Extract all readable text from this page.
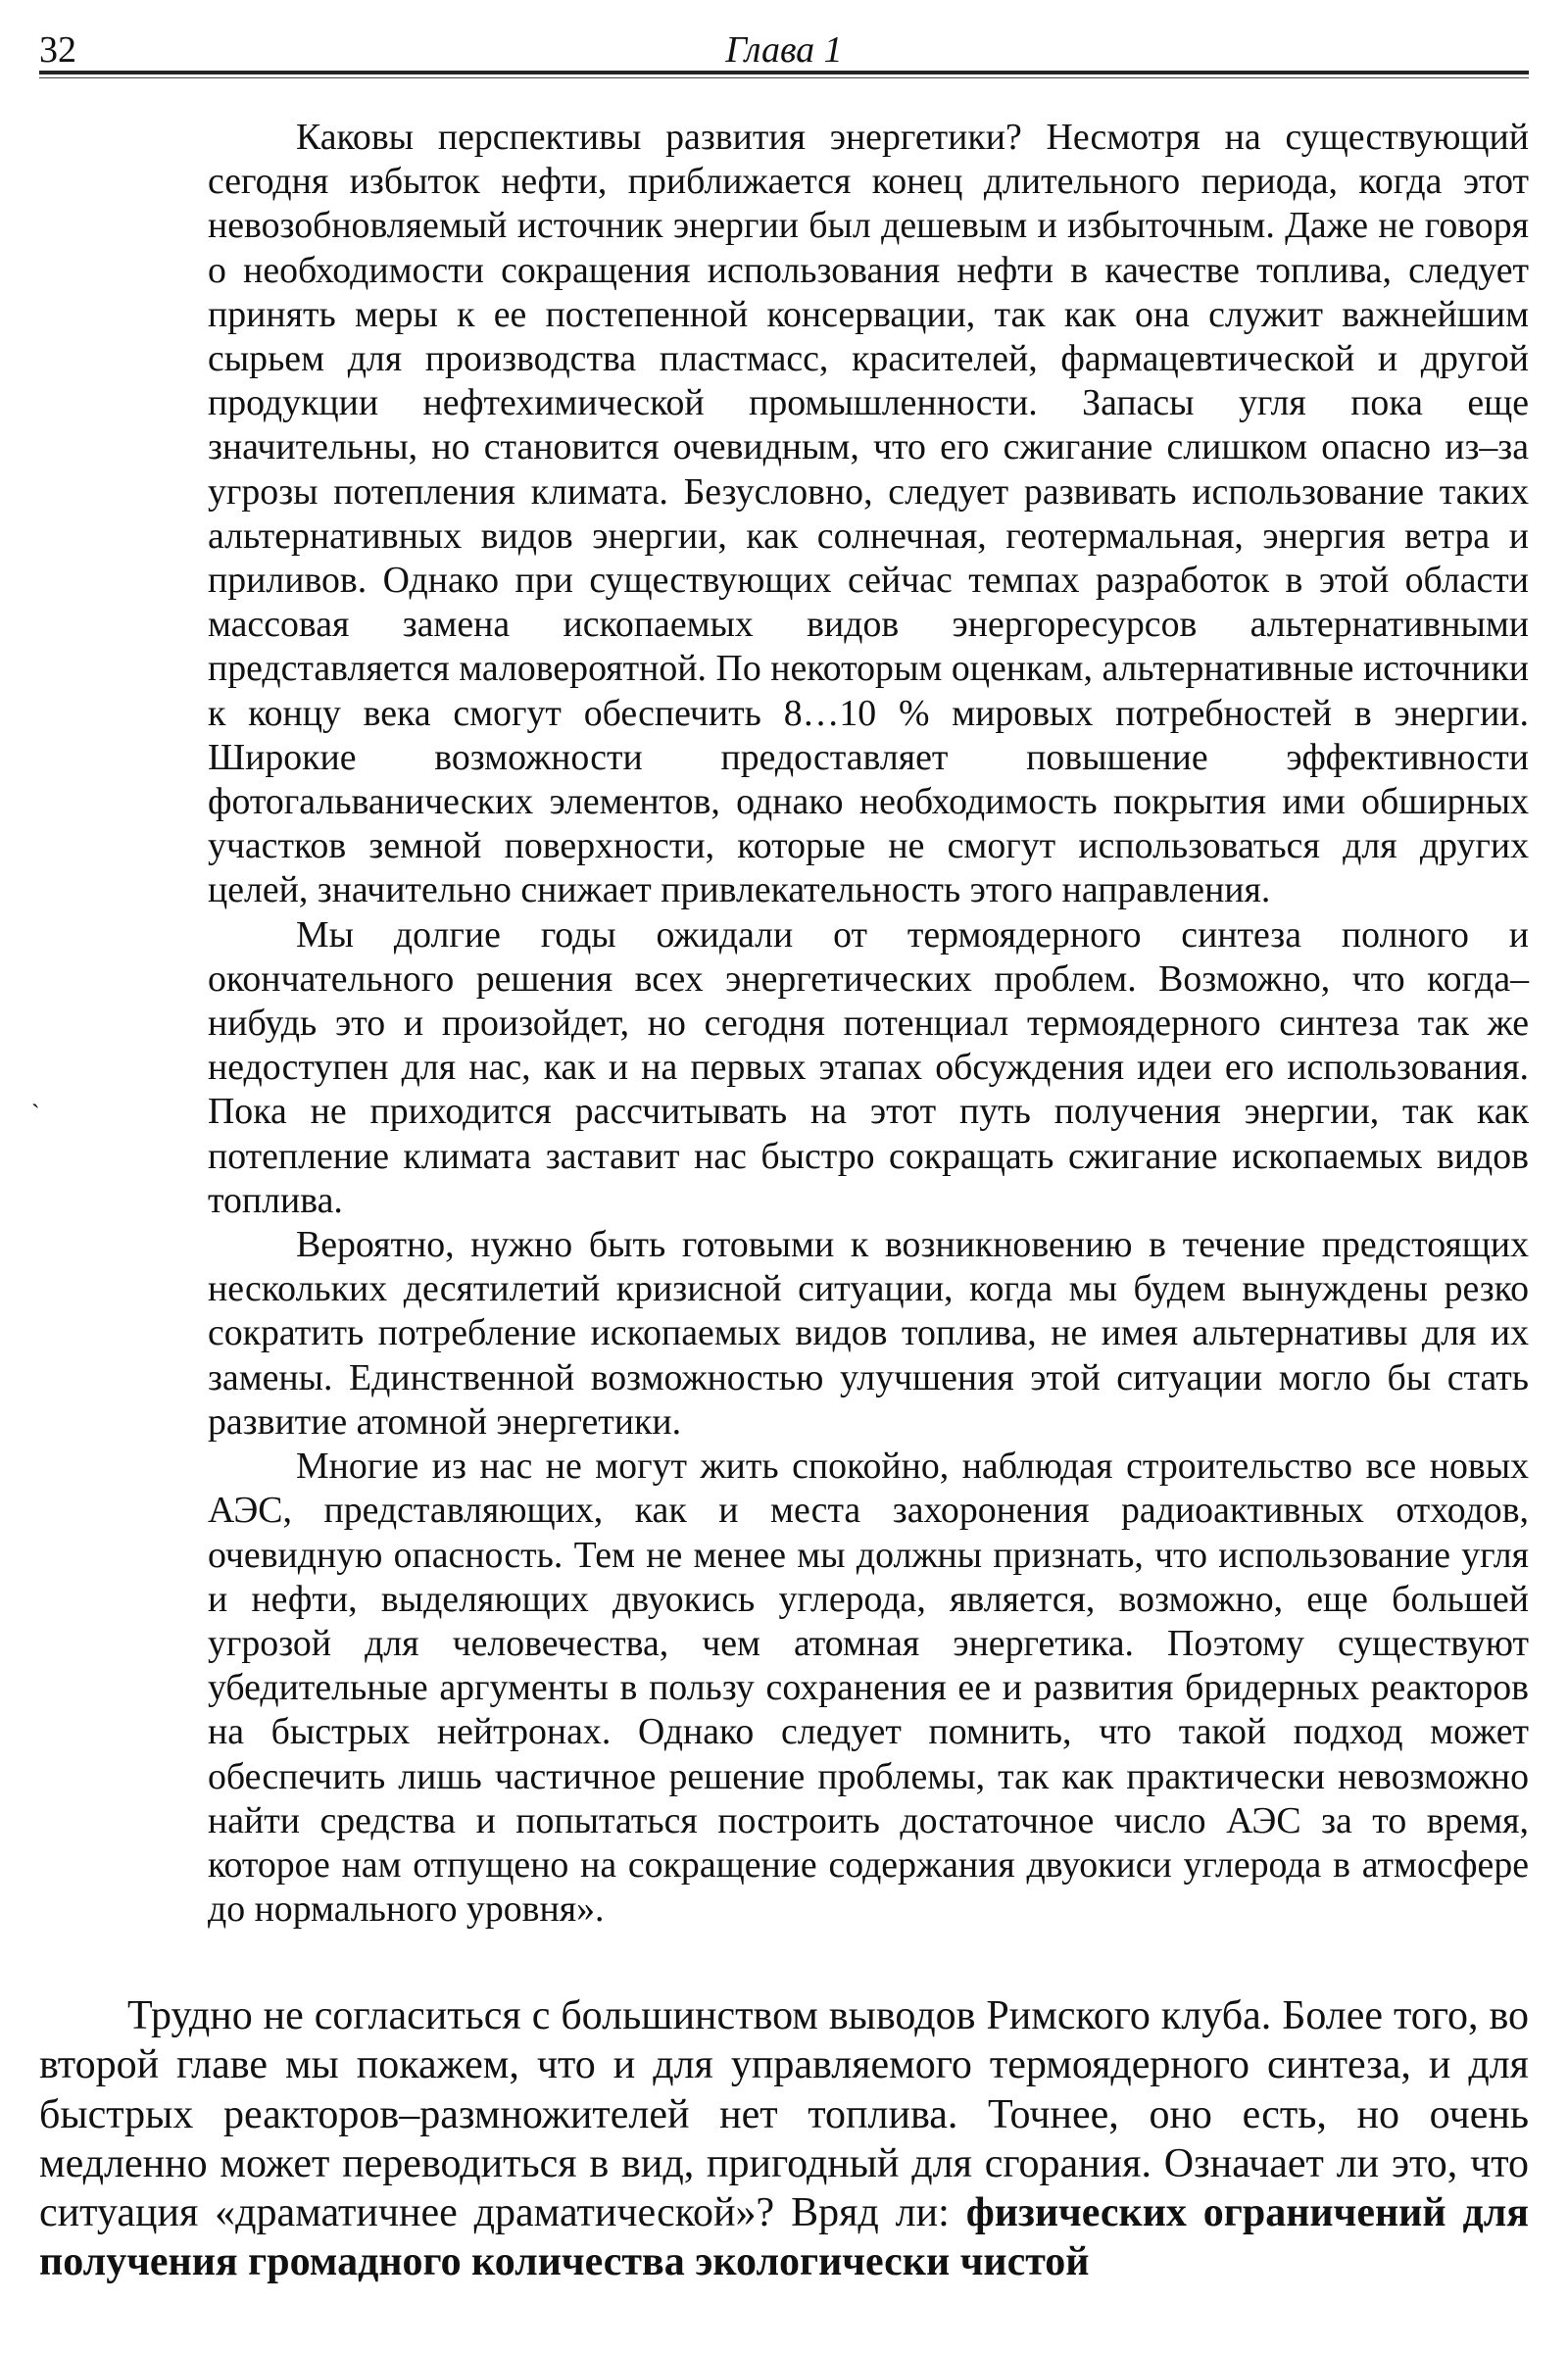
32	Глава 1
ˏ

Каковы перспективы развития энергетики? Несмотря на существующий сегодня избыток нефти, приближается конец длительного периода, когда этот невозобновляемый источник энергии был дешевым и избыточным. Даже не говоря о необходимости сокращения использования нефти в качестве топлива, следует принять меры к ее постепенной консервации, так как она служит важнейшим сырьем для производства пластмасс, красителей, фармацевтической и другой продукции нефтехимической промышленности. Запасы угля пока еще значительны, но становится очевидным, что его сжигание слишком опасно из–за угрозы потепления климата. Безусловно, следует развивать использование таких альтернативных видов энергии, как солнечная, геотермальная, энергия ветра и приливов. Однако при существующих сейчас темпах разработок в этой области массовая замена ископаемых видов энергоресурсов альтернативными представляется маловероятной. По некоторым оценкам, альтернативные источники к концу века смогут обеспечить 8…10 % мировых потребностей в энергии. Широкие возможности предоставляет повышение эффективности фотогальванических элементов, однако необходимость покрытия ими обширных участков земной поверхности, которые не смогут использоваться для других целей, значительно снижает привлекательность этого направления.

Мы долгие годы ожидали от термоядерного синтеза полного и окончательного решения всех энергетических проблем. Возможно, что когда–нибудь это и произойдет, но сегодня потенциал термоядерного синтеза так же недоступен для нас, как и на первых этапах обсуждения идеи его использования. Пока не приходится рассчитывать на этот путь получения энергии, так как потепление климата заставит нас быстро сокращать сжигание ископаемых видов топлива.

Вероятно, нужно быть готовыми к возникновению в течение предстоящих нескольких десятилетий кризисной ситуации, когда мы будем вынуждены резко сократить потребление ископаемых видов топлива, не имея альтернативы для их замены. Единственной возможностью улучшения этой ситуации могло бы стать развитие атомной энергетики.

Многие из нас не могут жить спокойно, наблюдая строительство все новых АЭС, представляющих, как и места захоронения радиоактивных отходов, очевидную опасность. Тем не менее мы должны признать, что использование угля и нефти, выделяющих двуокись углерода, является, возможно, еще большей угрозой для человечества, чем атомная энергетика. Поэтому существуют убедительные аргументы в пользу сохранения ее и развития бридерных реакторов на быстрых нейтронах. Однако следует помнить, что такой подход может обеспечить лишь частичное решение проблемы, так как практически невозможно найти средства и попытаться построить достаточное число АЭС за то время, которое нам отпущено на сокращение содержания двуокиси углерода в атмосфере до нормального уровня».

Трудно не согласиться с большинством выводов Римского клуба. Более того, во второй главе мы покажем, что и для управляемого термоядерного синтеза, и для быстрых реакторов–размножителей нет топлива. Точнее, оно есть, но очень медленно может переводиться в вид, пригодный для сгорания. Означает ли это, что ситуация «драматичнее драматической»? Вряд ли: физических ограничений для получения громадного количества экологически чистой
